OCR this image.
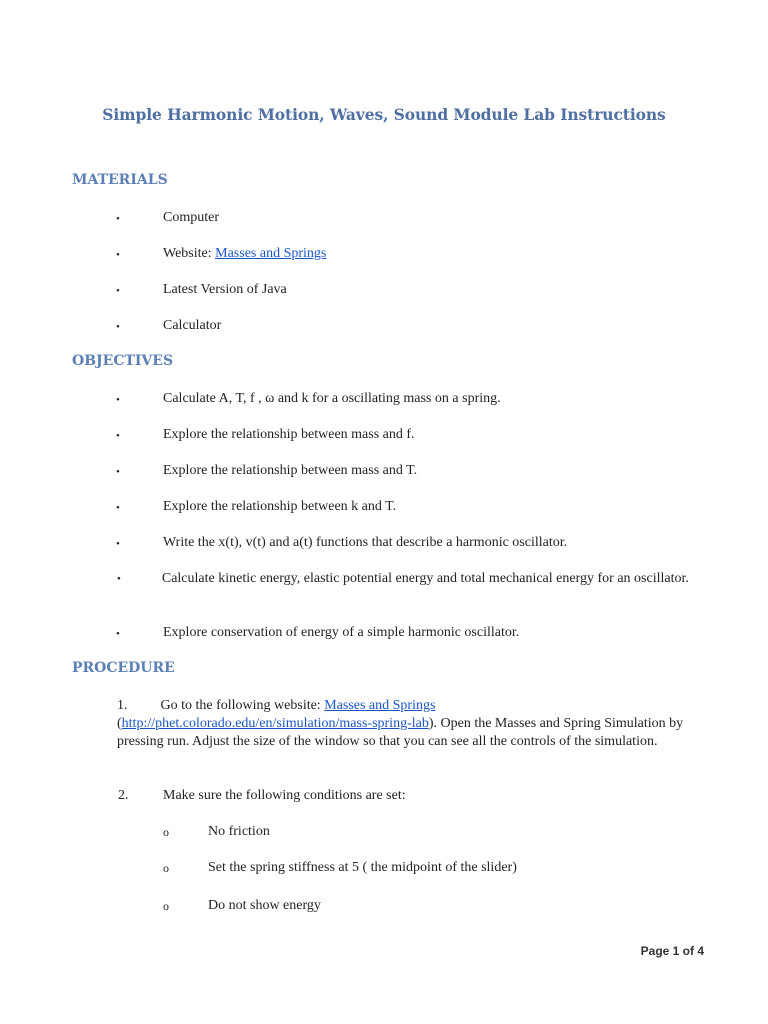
Simple Harmonic Motion, Waves, Sound Module Lab Instructions
MATERIALS
•	Computer
•	Website: Masses and Springs
•	Latest Version of Java
•	Calculator
OBJECTIVES
•	Calculate A, T, f , ω and k for a oscillating mass on a spring.
•	Explore the relationship between mass and f.
•	Explore the relationship between mass and T.
•	Explore the relationship between k and T.
•	Write the x(t), v(t) and a(t) functions that describe a harmonic oscillator.
•	Calculate kinetic energy, elastic potential energy and total mechanical energy for an oscillator.
•	Explore conservation of energy of a simple harmonic oscillator.
PROCEDURE
1. Go to the following website: Masses and Springs
(http://phet.colorado.edu/en/simulation/mass-spring-lab). Open the Masses and Spring Simulation by pressing run. Adjust the size of the window so that you can see all the controls of the simulation.
2. Make sure the following conditions are set:
o	No friction
o	Set the spring stiffness at 5 ( the midpoint of the slider)
o	Do not show energy
Page 1 of 4
